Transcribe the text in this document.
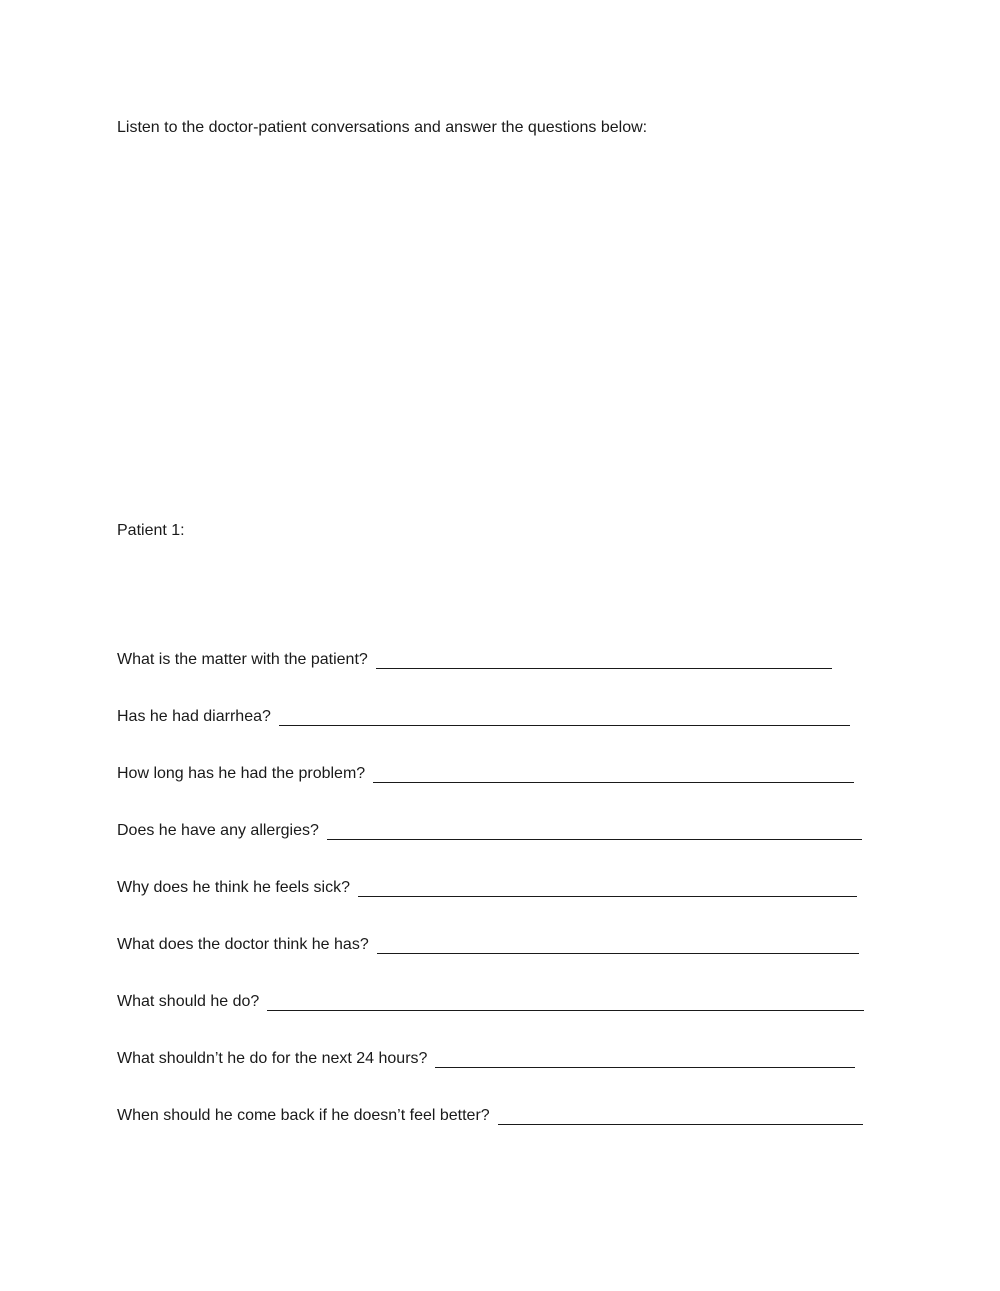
Listen to the doctor-patient conversations and answer the questions below:
Patient 1:
What is the matter with the patient?
Has he had diarrhea?
How long has he had the problem?
Does he have any allergies?
Why does he think he feels sick?
What does the doctor think he has?
What should he do?
What shouldn’t he do for the next 24 hours?
When should he come back if he doesn’t feel better?
